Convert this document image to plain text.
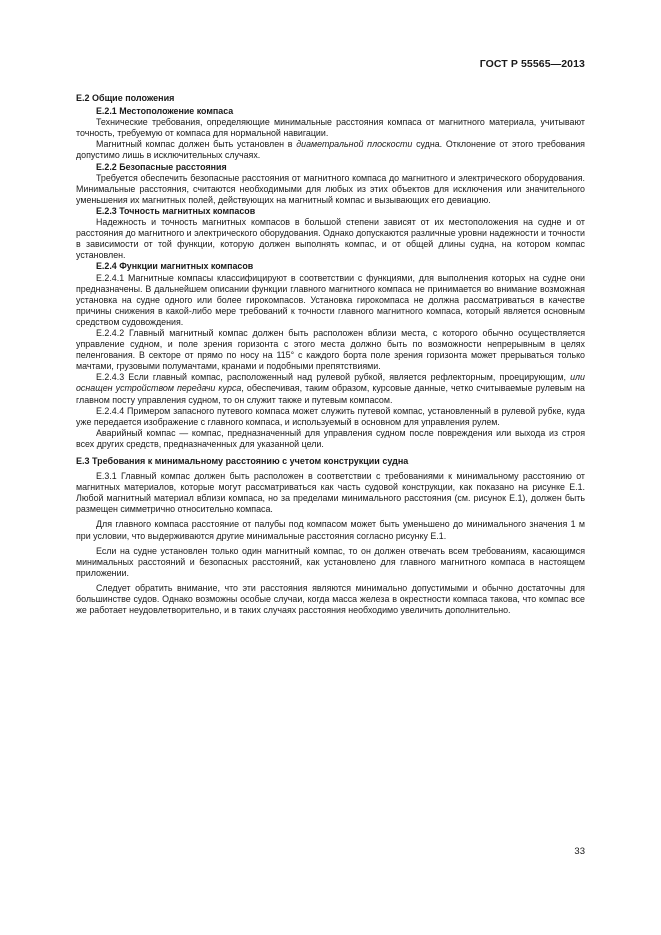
ГОСТ Р 55565—2013
Е.2 Общие положения
Е.2.1 Местоположение компаса

Технические требования, определяющие минимальные расстояния компаса от магнитного материала, учитывают точность, требуемую от компаса для нормальной навигации.

Магнитный компас должен быть установлен в диаметральной плоскости судна. Отклонение от этого требования допустимо лишь в исключительных случаях.

Е.2.2 Безопасные расстояния

Требуется обеспечить безопасные расстояния от магнитного компаса до магнитного и электрического оборудования. Минимальные расстояния, считаются необходимыми для любых из этих объектов для исключения или значительного уменьшения их магнитных полей, действующих на магнитный компас и вызывающих его девиацию.

Е.2.3 Точность магнитных компасов

Надежность и точность магнитных компасов в большой степени зависят от их местоположения на судне и от расстояния до магнитного и электрического оборудования. Однако допускаются различные уровни надежности и точности в зависимости от той функции, которую должен выполнять компас, и от общей длины судна, на котором компас установлен.

Е.2.4 Функции магнитных компасов

Е.2.4.1 Магнитные компасы классифицируют в соответствии с функциями, для выполнения которых на судне они предназначены. В дальнейшем описании функции главного магнитного компаса не принимается во внимание возможная установка на судне одного или более гирокомпасов. Установка гирокомпаса не должна рассматриваться в качестве причины снижения в какой-либо мере требований к точности главного магнитного компаса, который является основным средством судовождения.

Е.2.4.2 Главный магнитный компас должен быть расположен вблизи места, с которого обычно осуществляется управление судном, и поле зрения горизонта с этого места должно быть по возможности непрерывным в целях пеленгования. В секторе от прямо по носу на 115° с каждого борта поле зрения горизонта может прерываться только мачтами, грузовыми полумачтами, кранами и подобными препятствиями.

Е.2.4.3 Если главный компас, расположенный над рулевой рубкой, является рефлекторным, проецирующим, или оснащен устройством передачи курса, обеспечивая, таким образом, курсовые данные, четко считываемые рулевым на главном посту управления судном, то он служит также и путевым компасом.

Е.2.4.4 Примером запасного путевого компаса может служить путевой компас, установленный в рулевой рубке, куда уже передается изображение с главного компаса, и используемый в основном для управления рулем.

Аварийный компас — компас, предназначенный для управления судном после повреждения или выхода из строя всех других средств, предназначенных для указанной цели.

Е.3 Требования к минимальному расстоянию с учетом конструкции судна

Е.3.1 Главный компас должен быть расположен в соответствии с требованиями к минимальному расстоянию от магнитных материалов, которые могут рассматриваться как часть судовой конструкции, как показано на рисунке Е.1. Любой магнитный материал вблизи компаса, но за пределами минимального расстояния (см. рисунок Е.1), должен быть размещен симметрично относительно компаса.

Для главного компаса расстояние от палубы под компасом может быть уменьшено до минимального значения 1 м при условии, что выдерживаются другие минимальные расстояния согласно рисунку Е.1.

Если на судне установлен только один магнитный компас, то он должен отвечать всем требованиям, касающимся минимальных расстояний и безопасных расстояний, как установлено для главного магнитного компаса в настоящем приложении.

Следует обратить внимание, что эти расстояния являются минимально допустимыми и обычно достаточны для большинстве судов. Однако возможны особые случаи, когда масса железа в окрестности компаса такова, что компас все же работает неудовлетворительно, и в таких случаях расстояния необходимо увеличить дополнительно.

33
